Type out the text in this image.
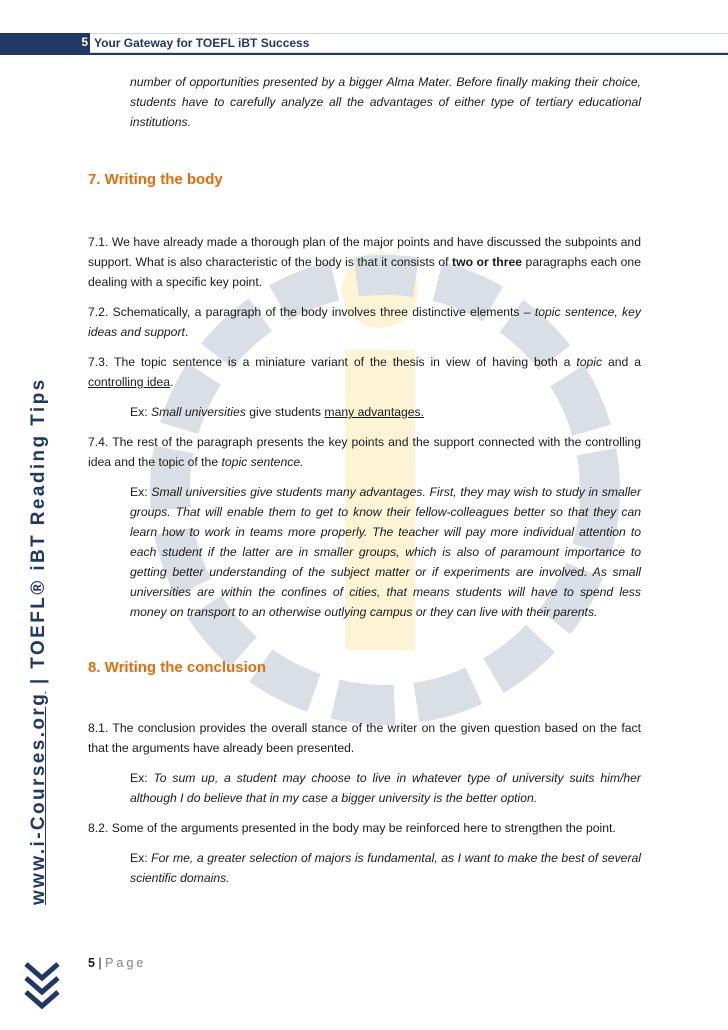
5 Your Gateway for TOEFL iBT Success
www.i-Courses.org | TOEFL® iBT Reading Tips

number of opportunities presented by a bigger Alma Mater. Before finally making their choice, students have to carefully analyze all the advantages of either type of tertiary educational institutions.

7. Writing the body

7.1. We have already made a thorough plan of the major points and have discussed the subpoints and support. What is also characteristic of the body is that it consists of two or three paragraphs each one dealing with a specific key point.

7.2. Schematically, a paragraph of the body involves three distinctive elements – topic sentence, key ideas and support.

7.3. The topic sentence is a miniature variant of the thesis in view of having both a topic and a controlling idea.

Ex: Small universities give students many advantages.

7.4. The rest of the paragraph presents the key points and the support connected with the controlling idea and the topic of the topic sentence.

Ex: Small universities give students many advantages. First, they may wish to study in smaller groups. That will enable them to get to know their fellow-colleagues better so that they can learn how to work in teams more properly. The teacher will pay more individual attention to each student if the latter are in smaller groups, which is also of paramount importance to getting better understanding of the subject matter or if experiments are involved. As small universities are within the confines of cities, that means students will have to spend less money on transport to an otherwise outlying campus or they can live with their parents.

8. Writing the conclusion

8.1. The conclusion provides the overall stance of the writer on the given question based on the fact that the arguments have already been presented.

Ex: To sum up, a student may choose to live in whatever type of university suits him/her although I do believe that in my case a bigger university is the better option.

8.2. Some of the arguments presented in the body may be reinforced here to strengthen the point.

Ex: For me, a greater selection of majors is fundamental, as I want to make the best of several scientific domains.

5 | Page
